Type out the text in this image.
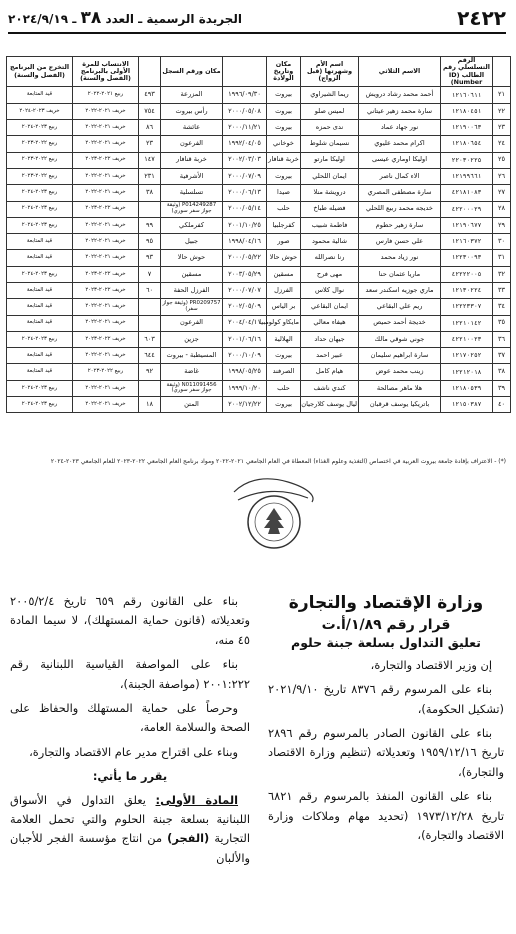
٢٤٢٢
الجريدة الرسمية ـ العدد ٣٨ ـ ٢٠٢٤/٩/١٩
	الرقم التسلسلي رقم الطالب (ID Number)	الاسم الثلاثي	اسم الأم وشهرتها (قبل الزواج)	مكان وتاريخ الولادة		مكان ورقم السجل		الانتساب للمرة الأولى بالبرنامج (الفصل والسنة)	التخرج من البرنامج (الفصل والسنة)
٢١	١٢١٦٠٦١١	أحمد محمد رشاد درويش	ريما الشيراوي	بيروت	١٩٩٦/٠٩/٣٠	المزرعة	٤٩٣	ربيع ٢٠٢١-٢٠٢٢	قيد المتابعة
٢٢	١٢١٨٠٤٥١	سارة محمد زهير عيتاني	لميس صلو	بيروت	٢٠٠٠/٠٥/٠٨	رأس بيروت	٧٥٤	خريف ٢٠٢١-٢٠٢٢	خريف ٢٠٢٣-٢٠٢٤
٢٣	١٢١٩٠٠٦٣	نور جهاد عماد	ندى حمزه	بيروت	٢٠٠٠/١١/٢١	عائشة	٨٦	خريف ٢٠٢١-٢٠٢٢	ربيع ٢٠٢٣-٢٠٢٤
٢٤	١٢١٨٠٦٥٤	اكرام محمد عليوي	نسيمان شلوط	خوخاني	١٩٩٢/٠٤/٠٥	الفرعون	٢٣	خريف ٢٠٢١-٢٠٢٢	ربيع ٢٠٢٢-٢٠٢٣
٢٥	٢٢٠٣٠٢٢٥	اوليكا اوماري عيسى	اوليكا مارتو	خربة قنافار	٢٠٠٢/٠٣/٠٣	خربة قنافار	١٤٧	خريف ٢٠٢٢-٢٠٢٣	ربيع ٢٠٢٢-٢٠٢٣
٢٦	١٢١٩٩٦٦١	الاء كمال ناصر	ايمان اللحلي	بيروت	٢٠٠٠/٠٧/٠٩	الأشرفية	٢٣١	خريف ٢٠٢١-٢٠٢٢	ربيع ٢٠٢٢-٢٠٢٣
٢٧	٤٢١٨١٠٨٣	سارة مصطفى المصري	درويشة منلا	صيدا	٢٠٠٠/٠٦/١٣	تسلسلية	٣٨	خريف ٢٠٢١-٢٠٢٢	ربيع ٢٠٢٣-٢٠٢٤
٢٨	٤٢٢٠٠٠٢٩	خديجه محمد ربيع اللحلي	فضيله طباخ	حلب	٢٠٠٠/٠٥/١٤	P014249287 (وثيقة جواز سفر سوري)		خريف ٢٠٢٢-٢٠٢٣	ربيع ٢٠٢٣-٢٠٢٤
٢٩	١٢١٩٠٦٧٧	سارة زهير حطوم	فاطمة شبيب	كفرجلبيا	٢٠٠١/١٠/٢٥	كفرملكي	٩٩	خريف ٢٠٢١-٢٠٢٢	ربيع ٢٠٢٣-٢٠٢٤
٣٠	١٢١٦٠٣٧٢	علي حسن فارس	شالية محمود	صور	١٩٩٨/٠٤/١٦	جبيل	٩٥	خريف ٢٠٢١-٢٠٢٢	قيد المتابعة
٣١	١٢٢٣٠٠٩٣	نور زياد محمد	رنا نصرالله	حوش حالا	٢٠٠٠/٠٥/٢٢	حوش حالا	٩٣	خريف ٢٠٢١-٢٠٢٢	قيد المتابعة
٣٢	٤٢٢٢٢٠٠٥	ماريا عثمان حنا	مهى فرح	مسقين	٢٠٠٣/٠٥/٢٩	مسقين	٧	خريف ٢٠٢٢-٢٠٢٣	ربيع ٢٠٢٣-٢٠٢٤
٣٣	١٢١٣٠٢٢٤	ماري جوزيه اسكندر سعد	نوال كلاس	الفرزل	٢٠٠٠/٠٧/٠٧	الفرزل الحفة	٦٠	خريف ٢٠٢٢-٢٠٢٣	قيد المتابعة
٣٤	١٢٢٢٣٣٠٧	ريم علي البقاعي	ايمان البقاعي	بر الياس	٢٠٠٢/٠٥/٠٩	PR0209757 (وثيقة جواز سفر)		خريف ٢٠٢١-٢٠٢٢	قيد المتابعة
٣٥	١٢٢١٠١٤٢	خديجة أحمد حميص	هيفاء معالي	مايكاو كولومبيا	٢٠٠٤/٠٤/١١	الفرعون		خريف ٢٠٢١-٢٠٢٢	قيد المتابعة
٣٦	٤٢٢١٠٠٢٣	جوني شوقي مالك	جيهان حداد	الهلالية	٢٠٠١/٠٦/١٦	جزين	٦٠٣	خريف ٢٠٢٢-٢٠٢٣	ربيع ٢٠٢٣-٢٠٢٤
٣٧	١٢١٧٠٢٥٢	سارة ابراهيم سليمان	عبير احمد	بيروت	٢٠٠٠/١٠/٠٩	المسيطبة - بيروت	٦٤٤	خريف ٢٠٢١-٢٠٢٢	قيد المتابعة
٣٨	١٢٢١٢٠١٨	زينب محمد عوض	هيام كامل	الصرفند	١٩٩٨/٠٥/٢٥	غاضة	٩٢	ربيع ٢٠٢٢-٢٠٢٣	قيد المتابعة
٣٩	١٢١٨٠٥٣٩	هلا ماهر مصالحة	كندي ناشف	حلب	١٩٩٩/١٠/٢٠	N011091456 (وثيقة جواز سفر سوري)		خريف ٢٠٢١-٢٠٢٢	ربيع ٢٠٢٣-٢٠٢٤
٤٠	١٢١٥٠٣٨٧	باتريكيا يوسف قرقبان	ليال يوسف كلارجيان	بيروت	٢٠٠٢/١٢/٢٢	المتن	١٨	خريف ٢٠٢١-٢٠٢٢	ربيع ٢٠٢٣-٢٠٢٤
(*) - الاعتراف بإفادة جامعة بيروت العربية في اختصاص (التغذية وعلوم الغذاء) المعطاة في العام الجامعي ٢٠٢١-٢٠٢٢ ومواد برنامج العام الجامعي ٢٠٢٢-٢٠٢٣ للعام الجامعي ٢٠٢٣-٢٠٢٤
وزارة الإقتصاد والتجارة
قرار رقم ١/٨٩/أ.ت
تعليق التداول بسلعة جبنة حلوم
إن وزير الاقتصاد والتجارة،
بناء على المرسوم رقم ٨٣٧٦ تاريخ ٢٠٢١/٩/١٠ (تشكيل الحكومة)،
بناء على القانون الصادر بالمرسوم رقم ٢٨٩٦ تاريخ ١٩٥٩/١٢/١٦ وتعديلاته (تنظيم وزارة الاقتصاد والتجارة)،
بناء على القانون المنفذ بالمرسوم رقم ٦٨٢١ تاريخ ١٩٧٣/١٢/٢٨ (تحديد مهام وملاكات وزارة الاقتصاد والتجارة)،
بناء على القانون رقم ٦٥٩ تاريخ ٢٠٠٥/٢/٤ وتعديلاته (قانون حماية المستهلك)، لا سيما المادة ٤٥ منه،
بناء على المواصفة القياسية اللبنانية رقم ٢٠٠١:٢٢٢ (مواصفة الجبنة)،
وحرصاً على حماية المستهلك والحفاظ على الصحة والسلامة العامة،
وبناء على اقتراح مدير عام الاقتصاد والتجارة،
يقرر ما يأتي:
المادة الأولى: يعلق التداول في الأسواق اللبنانية بسلعة جبنة الحلوم والتي تحمل العلامة التجارية (الفجر) من انتاج مؤسسة الفجر للأجبان والألبان
